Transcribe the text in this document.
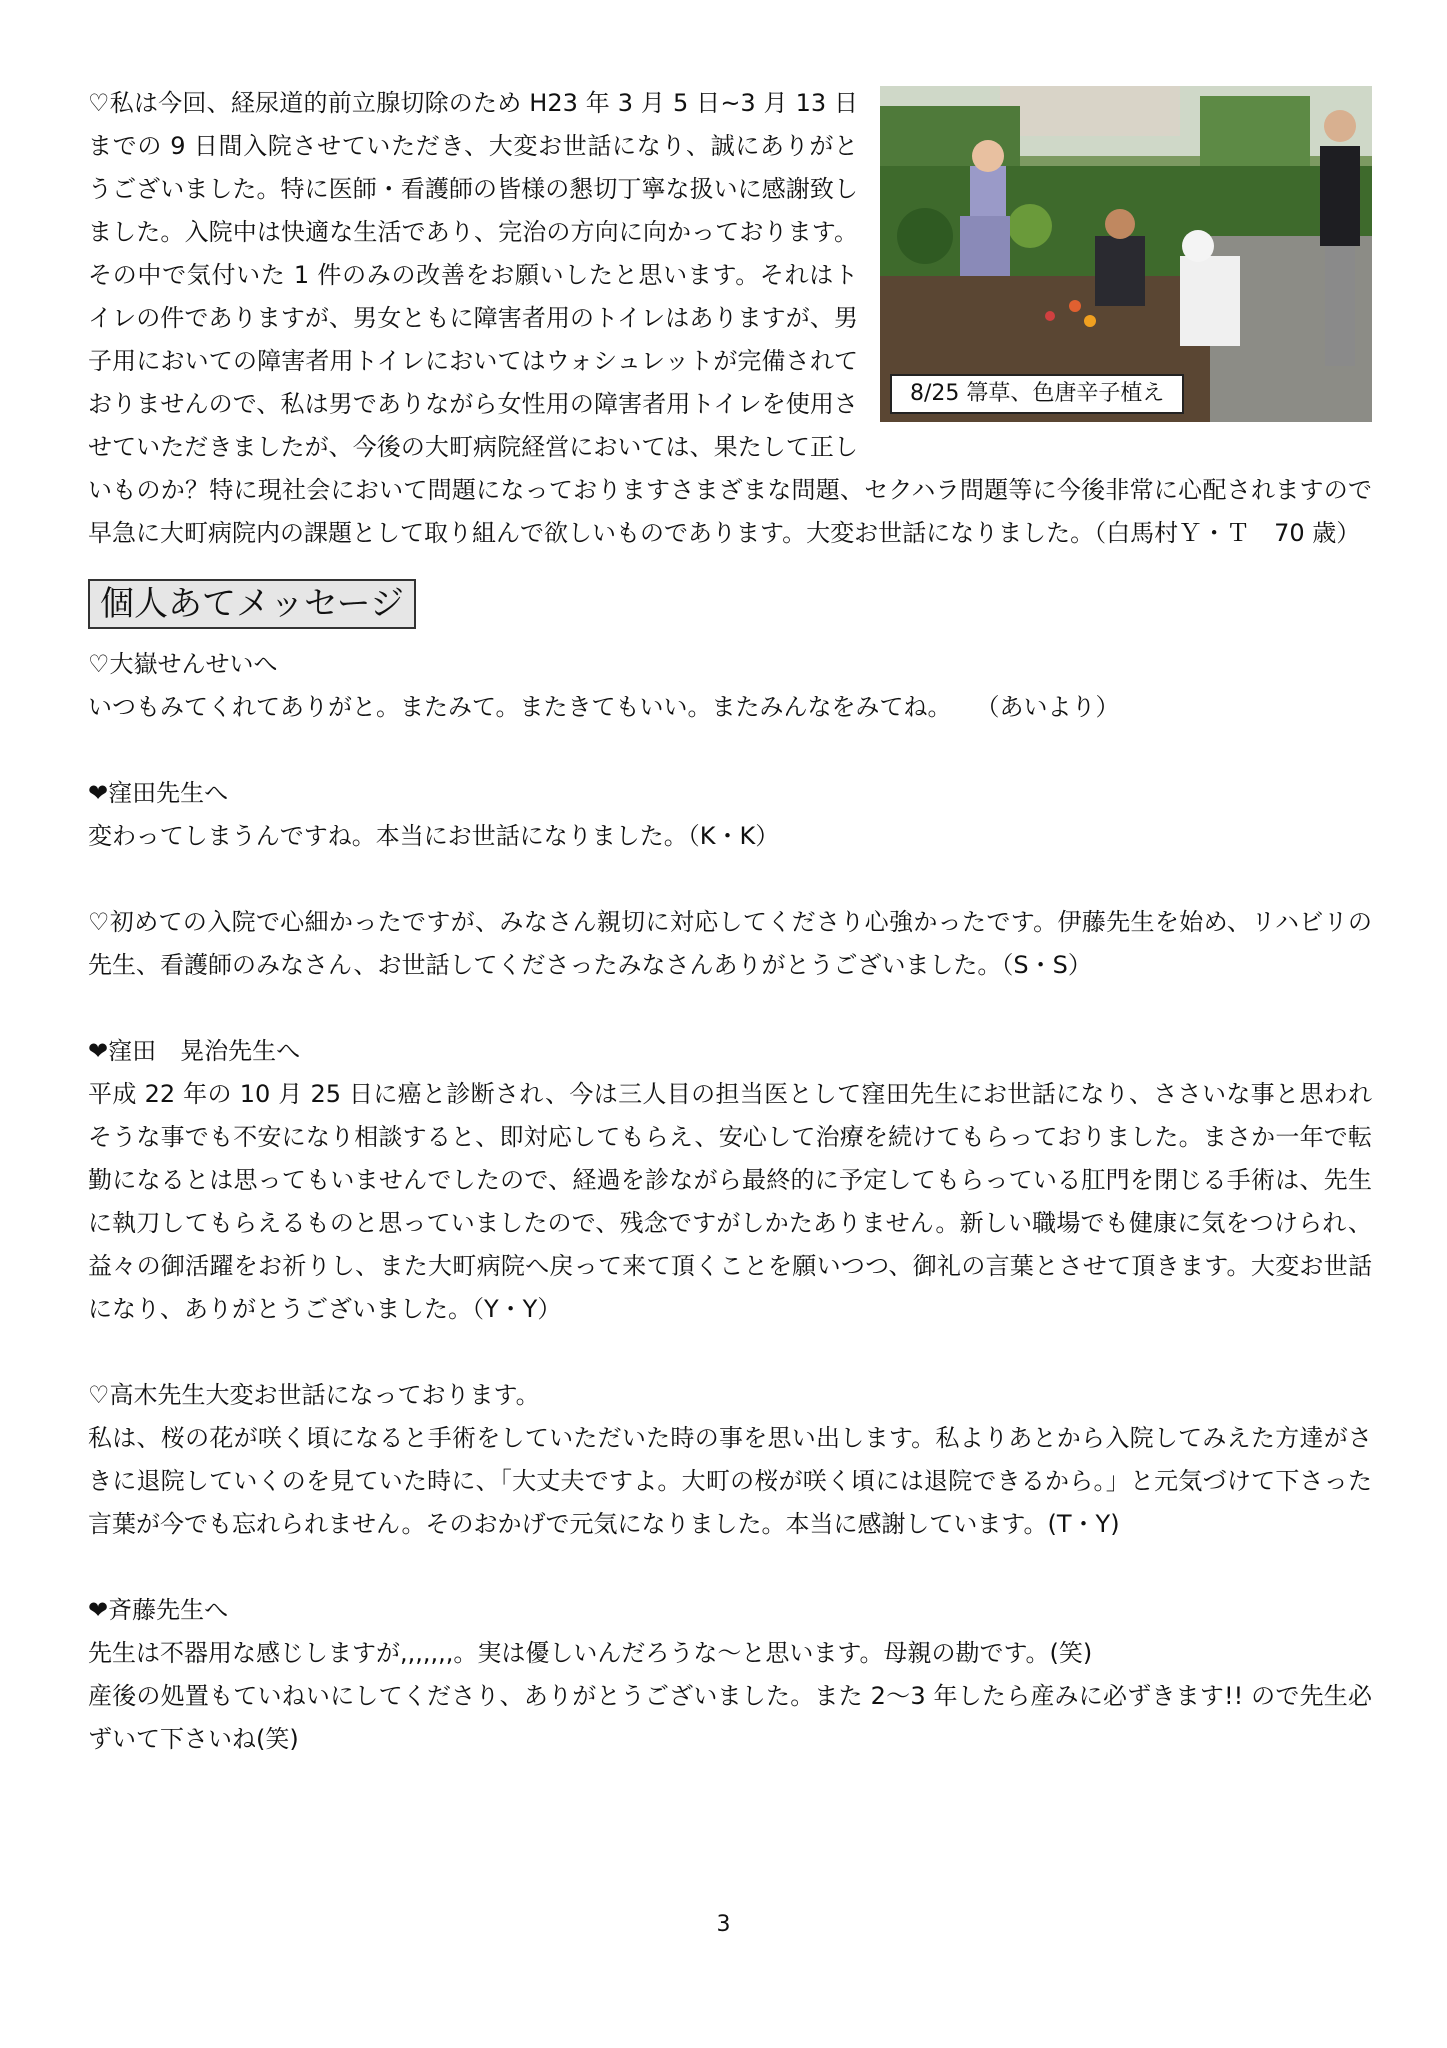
8/25 箒草、色唐辛子植え

♡私は今回、経尿道的前立腺切除のため H23 年 3 月 5 日~3 月 13 日までの 9 日間入院させていただき、大変お世話になり、誠にありがとうございました。特に医師・看護師の皆様の懇切丁寧な扱いに感謝致しました。入院中は快適な生活であり、完治の方向に向かっております。その中で気付いた 1 件のみの改善をお願いしたと思います。それはトイレの件でありますが、男女ともに障害者用のトイレはありますが、男子用においての障害者用トイレにおいてはウォシュレットが完備されておりませんので、私は男でありながら女性用の障害者用トイレを使用させていただきましたが、今後の大町病院経営においては、果たして正しいものか？特に現社会において問題になっておりますさまざまな問題、セクハラ問題等に今後非常に心配されますので早急に大町病院内の課題として取り組んで欲しいものであります。大変お世話になりました。（白馬村Ｙ・Ｔ　70 歳）

個人あてメッセージ

♡大嶽せんせいへ

いつもみてくれてありがと。またみて。またきてもいい。またみんなをみてね。　　（あいより）

❤窪田先生へ

変わってしまうんですね。本当にお世話になりました。（K・K）

♡初めての入院で心細かったですが、みなさん親切に対応してくださり心強かったです。伊藤先生を始め、リハビリの先生、看護師のみなさん、お世話してくださったみなさんありがとうございました。（S・S）

❤窪田　晃治先生へ

平成 22 年の 10 月 25 日に癌と診断され、今は三人目の担当医として窪田先生にお世話になり、ささいな事と思われそうな事でも不安になり相談すると、即対応してもらえ、安心して治療を続けてもらっておりました。まさか一年で転勤になるとは思ってもいませんでしたので、経過を診ながら最終的に予定してもらっている肛門を閉じる手術は、先生に執刀してもらえるものと思っていましたので、残念ですがしかたありません。新しい職場でも健康に気をつけられ、益々の御活躍をお祈りし、また大町病院へ戻って来て頂くことを願いつつ、御礼の言葉とさせて頂きます。大変お世話になり、ありがとうございました。（Y・Y）

♡高木先生大変お世話になっております。

私は、桜の花が咲く頃になると手術をしていただいた時の事を思い出します。私よりあとから入院してみえた方達がさきに退院していくのを見ていた時に、「大丈夫ですよ。大町の桜が咲く頃には退院できるから。」と元気づけて下さった言葉が今でも忘れられません。そのおかげで元気になりました。本当に感謝しています。(T・Y)

❤斉藤先生へ

先生は不器用な感じしますが,,,,,,,。実は優しいんだろうな～と思います。母親の勘です。(笑)
産後の処置もていねいにしてくださり、ありがとうございました。また 2～3 年したら産みに必ずきます!! ので先生必ずいて下さいね(笑)

3
